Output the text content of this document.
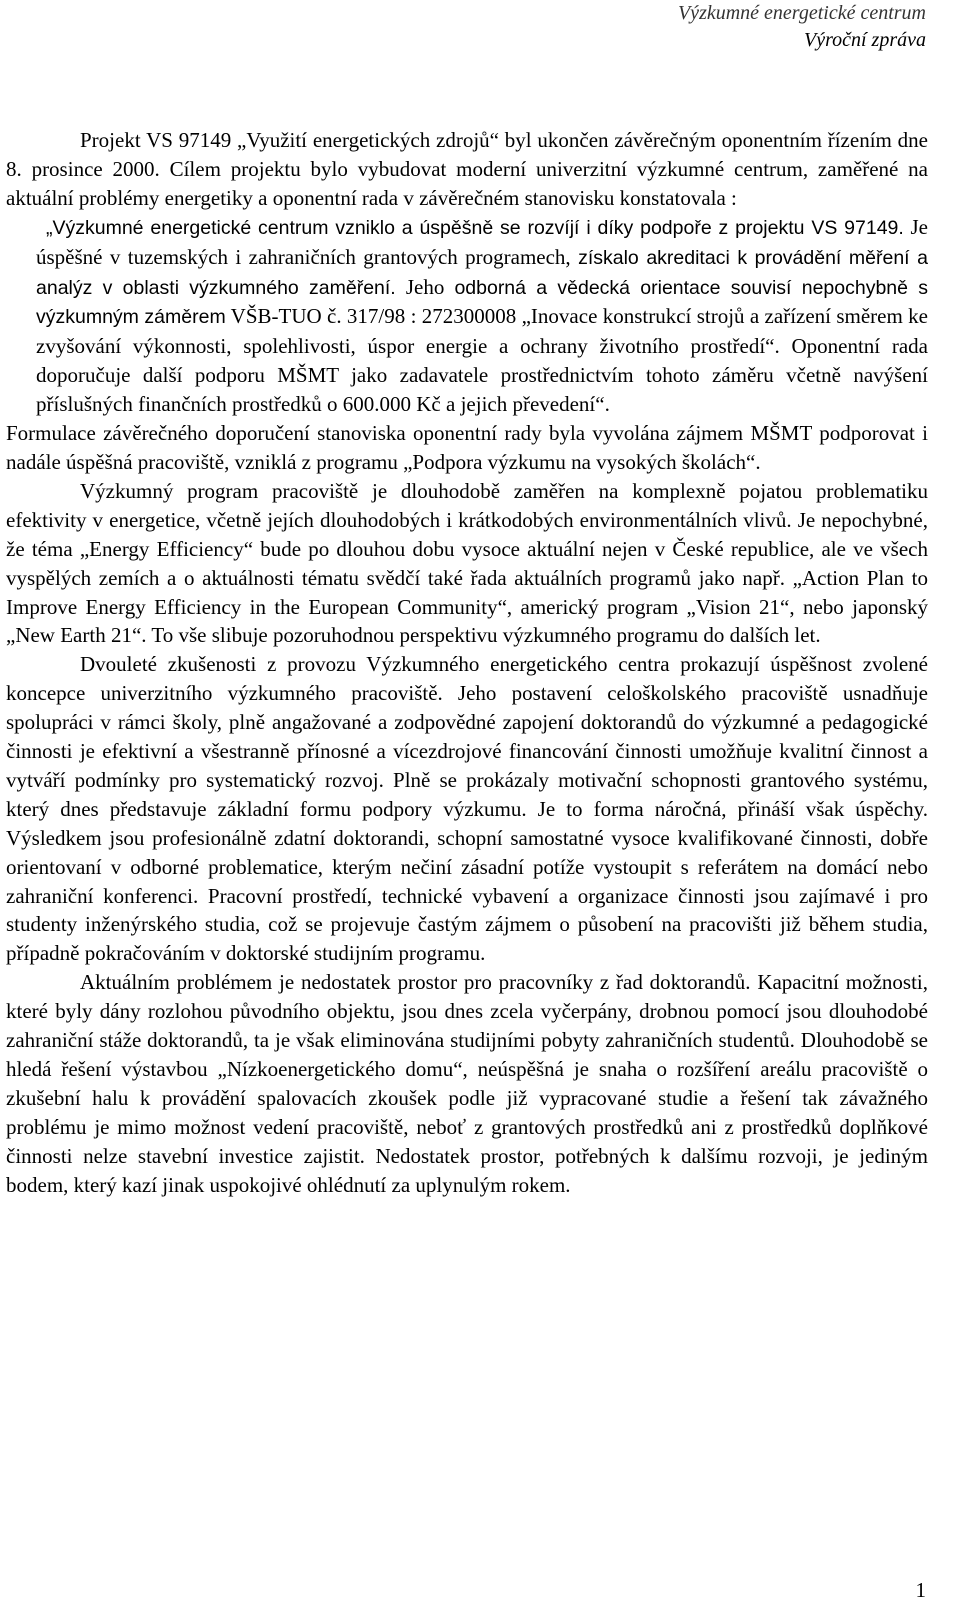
Výzkumné energetické centrum
Výroční zpráva

Projekt VS 97149 „Využití energetických zdrojů“ byl ukončen závěrečným oponentním řízením dne 8. prosince 2000. Cílem projektu bylo vybudovat moderní univerzitní výzkumné centrum, zaměřené na aktuální problémy energetiky a oponentní rada v závěrečném stanovisku konstatovala :

„Výzkumné energetické centrum vzniklo a úspěšně se rozvíjí i díky podpoře z projektu VS 97149. Je úspěšné v tuzemských i zahraničních grantových programech, získalo akreditaci k provádění měření a analýz v oblasti výzkumného zaměření. Jeho odborná a vědecká orientace souvisí nepochybně s výzkumným záměrem VŠB-TUO č. 317/98 : 272300008 „Inovace konstrukcí strojů a zařízení směrem ke zvyšování výkonnosti, spolehlivosti, úspor energie a ochrany životního prostředí“. Oponentní rada doporučuje další podporu MŠMT jako zadavatele prostřednictvím tohoto záměru včetně navýšení příslušných finančních prostředků o 600.000 Kč a jejich převedení“.

Formulace závěrečného doporučení stanoviska oponentní rady byla vyvolána zájmem MŠMT podporovat i nadále úspěšná pracoviště, vzniklá z programu „Podpora výzkumu na vysokých školách“.

Výzkumný program pracoviště je dlouhodobě zaměřen na komplexně pojatou problematiku efektivity v energetice, včetně jejích dlouhodobých i krátkodobých environmentálních vlivů. Je nepochybné, že téma „Energy Efficiency“ bude po dlouhou dobu vysoce aktuální nejen v České republice, ale ve všech vyspělých zemích a o aktuálnosti tématu svědčí také řada aktuálních programů jako např. „Action Plan to Improve Energy Efficiency in the European Community“, americký program „Vision 21“, nebo japonský „New Earth 21“. To vše slibuje pozoruhodnou perspektivu výzkumného programu do dalších let.

Dvouleté zkušenosti z provozu Výzkumného energetického centra prokazují úspěšnost zvolené koncepce univerzitního výzkumného pracoviště. Jeho postavení celoškolského pracoviště usnadňuje spolupráci v rámci školy, plně angažované a zodpovědné zapojení doktorandů do výzkumné a pedagogické činnosti je efektivní a všestranně přínosné a vícezdrojové financování činnosti umožňuje kvalitní činnost a vytváří podmínky pro systematický rozvoj. Plně se prokázaly motivační schopnosti grantového systému, který dnes představuje základní formu podpory výzkumu. Je to forma náročná, přináší však úspěchy. Výsledkem jsou profesionálně zdatní doktorandi, schopní samostatné vysoce kvalifikované činnosti, dobře orientovaní v odborné problematice, kterým nečiní zásadní potíže vystoupit s referátem na domácí nebo zahraniční konferenci. Pracovní prostředí, technické vybavení a organizace činnosti jsou zajímavé i pro studenty inženýrského studia, což se projevuje častým zájmem o působení na pracovišti již během studia, případně pokračováním v doktorské studijním programu.

Aktuálním problémem je nedostatek prostor pro pracovníky z řad doktorandů. Kapacitní možnosti, které byly dány rozlohou původního objektu, jsou dnes zcela vyčerpány, drobnou pomocí jsou dlouhodobé zahraniční stáže doktorandů, ta je však eliminována studijními pobyty zahraničních studentů. Dlouhodobě se hledá řešení výstavbou „Nízkoenergetického domu“, neúspěšná je snaha o rozšíření areálu pracoviště o zkušební halu k provádění spalovacích zkoušek podle již vypracované studie a řešení tak závažného problému je mimo možnost vedení pracoviště, neboť z grantových prostředků ani z prostředků doplňkové činnosti nelze stavební investice zajistit. Nedostatek prostor, potřebných k dalšímu rozvoji, je jediným bodem, který kazí jinak uspokojivé ohlédnutí za uplynulým rokem.

1
